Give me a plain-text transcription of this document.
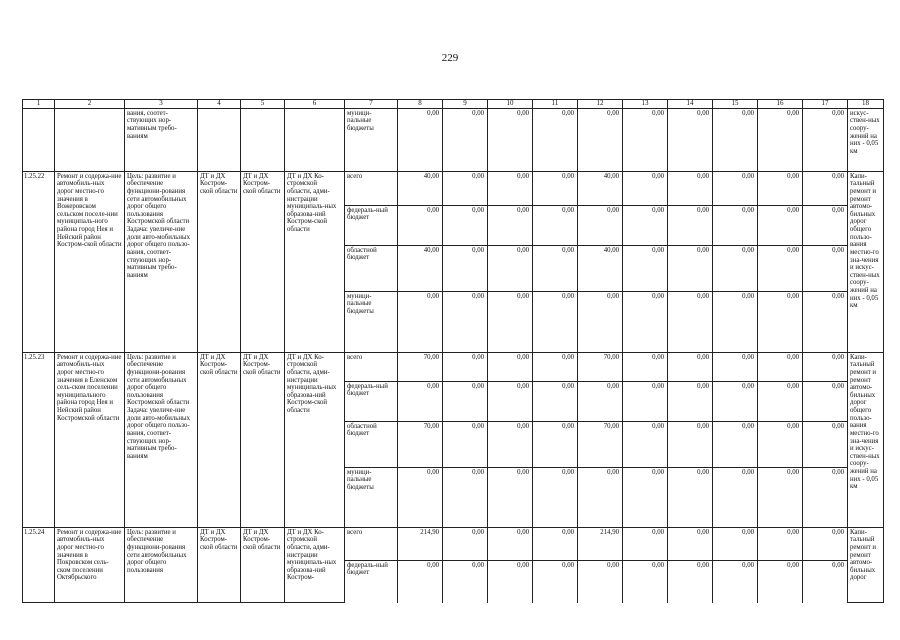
229
1	2	3	4	5	6	7	8	9	10	11	12	13	14	15	16	17	18
		вания, соотет-ствующих нор-мативным требо-ваниям				муници-пальные бюджеты	0,00	0,00	0,00	0,00	0,00	0,00	0,00	0,00	0,00	0,00	искус-ствен-ных соору-жений на них - 0,05 км
1.25.22	Ремонт и содержа-ние автомобиль-ных дорог местно-го значения в Вожеровском сельском поселе-нии муниципаль-ного района город Нея и Нейский район Костром-ской области	Цель: развитие и обеспечение функциони-рования сети автомобильных дорог общего пользования Костромской области Задача: увеличе-ние доли авто-мобильных дорог общего пользо-вания, соответ-ствующих нор-мативным требо-ваниям	ДТ и ДХ Костром-ской области	ДТ и ДХ Костром-ской области	ДТ и ДХ Ко-стромской области, адми-нистрации муниципаль-ных образова-ний Костром-ской области	всего	40,00	0,00	0,00	0,00	40,00	0,00	0,00	0,00	0,00	0,00	Капи-тальный ремонт и ремонт автомо-бильных дорог общего пользо-вания местно-го зна-чения и искус-ствен-ных соору-жений на них - 0,05 км
						федераль-ный бюджет	0,00	0,00	0,00	0,00	0,00	0,00	0,00	0,00	0,00	0,00	
						областной бюджет	40,00	0,00	0,00	0,00	40,00	0,00	0,00	0,00	0,00	0,00	
						муници-пальные бюджеты	0,00	0,00	0,00	0,00	0,00	0,00	0,00	0,00	0,00	0,00	
1.25.23	Ремонт и содержа-ние автомобиль-ных дорог местно-го значения в Еленском сель-ском поселении муниципального района город Нея и Нейский район Костромской области	Цель: развитие и обеспечение функциони-рования сети автомобильных дорог общего пользования Костромской области Задача: увеличе-ние доли авто-мобильных дорог общего пользо-вания, соответ-ствующих нор-мативным требо-ваниям	ДТ и ДХ Костром-ской области	ДТ и ДХ Костром-ской области	ДТ и ДХ Ко-стромской области, адми-нистрации муниципаль-ных образова-ний Костром-ской области	всего	70,00	0,00	0,00	0,00	70,00	0,00	0,00	0,00	0,00	0,00	Капи-тальный ремонт и ремонт автомо-бильных дорог общего пользо-вания местно-го зна-чения и искус-ствен-ных соору-жений на них - 0,05 км
						федераль-ный бюджет	0,00	0,00	0,00	0,00	0,00	0,00	0,00	0,00	0,00	0,00	
						областной бюджет	70,00	0,00	0,00	0,00	70,00	0,00	0,00	0,00	0,00	0,00	
						муници-пальные бюджеты	0,00	0,00	0,00	0,00	0,00	0,00	0,00	0,00	0,00	0,00	
1.25.24	Ремонт и содержа-ние автомобиль-ных дорог местно-го значения в Покровском сель-ском поселении Октябрьского	Цель: развитие и обеспечение функциони-рования сети автомобильных дорог общего пользования	ДТ и ДХ Костром-ской области	ДТ и ДХ Костром-ской области	ДТ и ДХ Ко-стромской области, адми-нистрации муниципаль-ных образова-ний Костром-	всего	214,90	0,00	0,00	0,00	214,90	0,00	0,00	0,00	0,00	0,00	Капи-тальный ремонт и ремонт автомо-бильных дорог
						федераль-ный бюджет	0,00	0,00	0,00	0,00	0,00	0,00	0,00	0,00	0,00	0,00	
